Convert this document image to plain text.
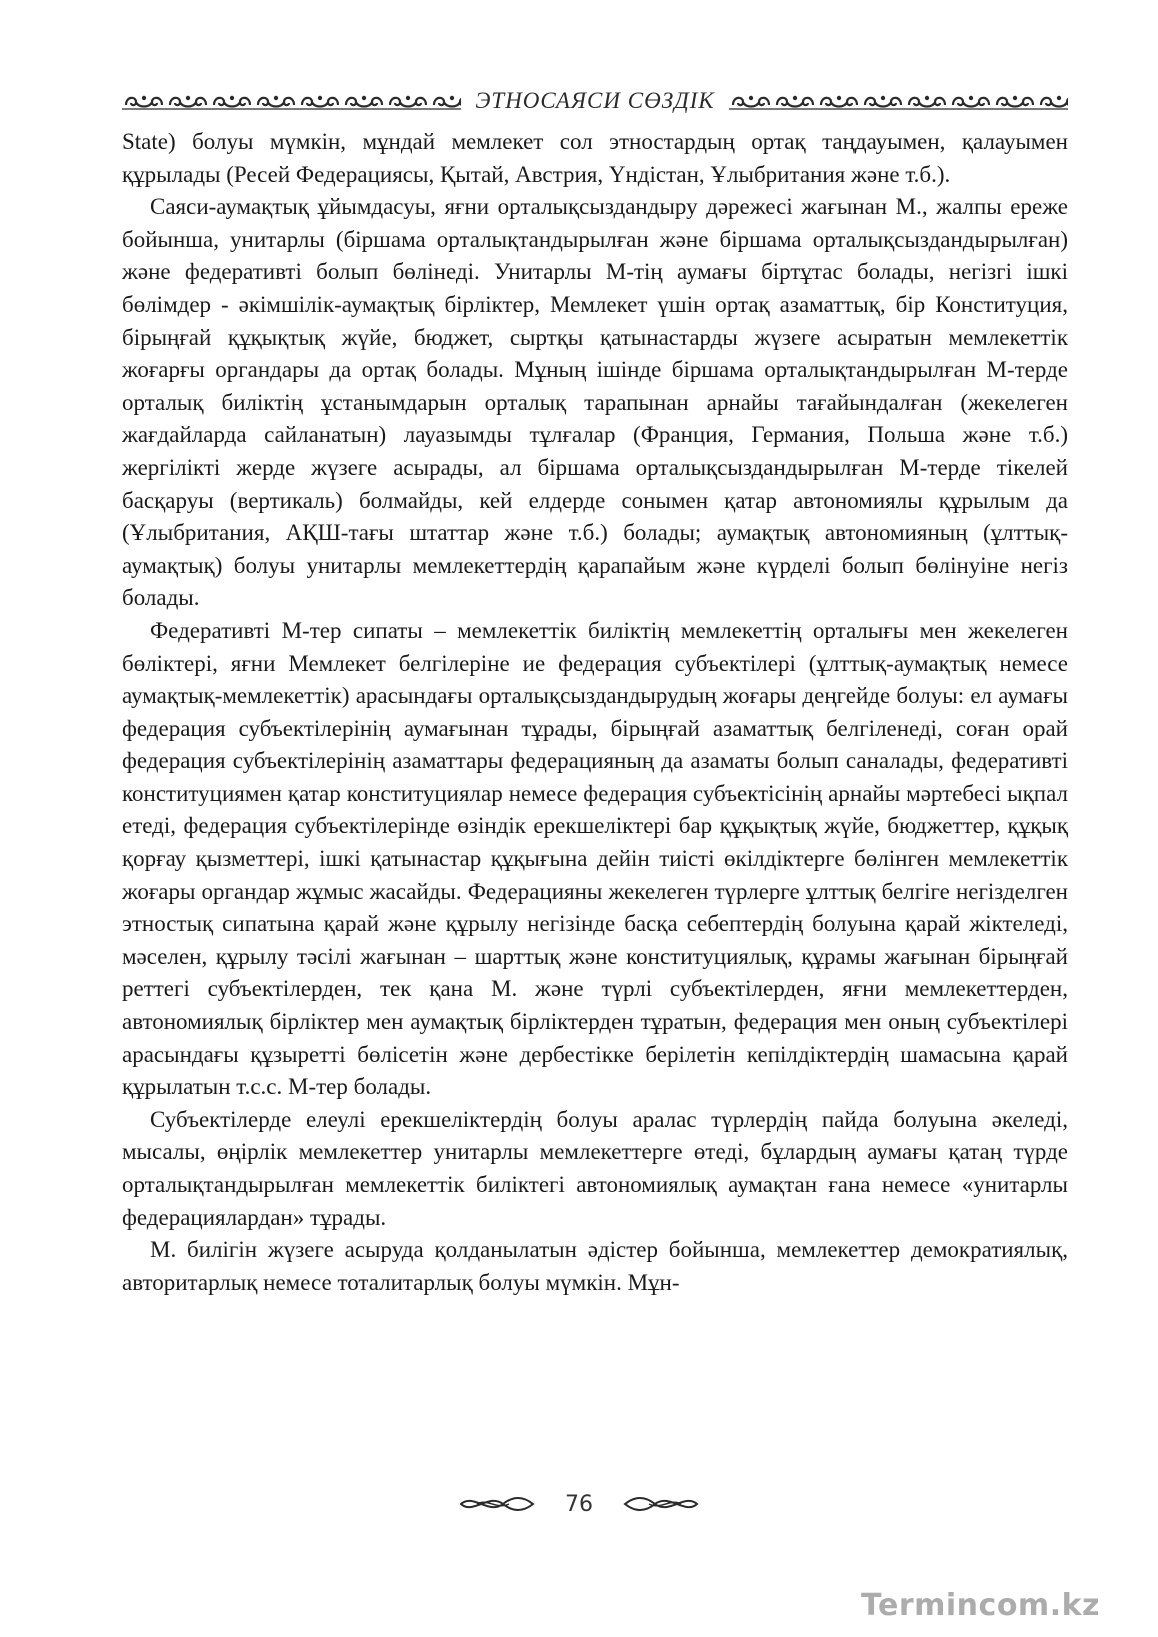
ЭТНОСАЯСИ СӨЗДІК

State) болуы мүмкін, мұндай мемлекет сол этностардың ортақ таңдауымен, қалауымен құрылады (Ресей Федерациясы, Қытай, Австрия, Үндістан, Ұлыбритания және т.б.).

Саяси-аумақтық ұйымдасуы, яғни орталықсыздандыру дәрежесі жағынан М., жалпы ереже бойынша, унитарлы (біршама орталықтандырылған және біршама орталықсыздандырылған) және федеративті болып бөлінеді. Унитарлы М-тің аумағы біртұтас болады, негізгі ішкі бөлімдер - әкімшілік-аумақтық бірліктер, Мемлекет үшін ортақ азаматтық, бір Конституция, бірыңғай құқықтық жүйе, бюджет, сыртқы қатынастарды жүзеге асыратын мемлекеттік жоғарғы органдары да ортақ болады. Мұның ішінде біршама орталықтандырылған М-терде орталық биліктің ұстанымдарын орталық тарапынан арнайы тағайындалған (жекелеген жағдайларда сайланатын) лауазымды тұлғалар (Франция, Германия, Польша және т.б.) жергілікті жерде жүзеге асырады, ал біршама орталықсыздандырылған М-терде тікелей басқаруы (вертикаль) болмайды, кей елдерде сонымен қатар автономиялы құрылым да (Ұлыбритания, АҚШ-тағы штаттар және т.б.) болады; аумақтық автономияның (ұлттық-аумақтық) болуы унитарлы мемлекеттердің қарапайым және күрделі болып бөлінуіне негіз болады.

Федеративті М-тер сипаты – мемлекеттік биліктің мемлекеттің орталығы мен жекелеген бөліктері, яғни Мемлекет белгілеріне ие федерация субъектілері (ұлттық-аумақтық немесе аумақтық-мемлекеттік) арасындағы орталықсыздандырудың жоғары деңгейде болуы: ел аумағы федерация субъектілерінің аумағынан тұрады, бірыңғай азаматтық белгіленеді, соған орай федерация субъектілерінің азаматтары федерацияның да азаматы болып саналады, федеративті конституциямен қатар конституциялар немесе федерация субъектісінің арнайы мәртебесі ықпал етеді, федерация субъектілерінде өзіндік ерекшеліктері бар құқықтық жүйе, бюджеттер, құқық қорғау қызметтері, ішкі қатынастар құқығына дейін тиісті өкілдіктерге бөлінген мемлекеттік жоғары органдар жұмыс жасайды. Федерацияны жекелеген түрлерге ұлттық белгіге негізделген этностық сипатына қарай және құрылу негізінде басқа себептердің болуына қарай жіктеледі, мәселен, құрылу тәсілі жағынан – шарттық және конституциялық, құрамы жағынан бірыңғай реттегі субъектілерден, тек қана М. және түрлі субъектілерден, яғни мемлекеттерден, автономиялық бірліктер мен аумақтық бірліктерден тұратын, федерация мен оның субъектілері арасындағы құзыретті бөлісетін және дербестікке берілетін кепілдіктердің шамасына қарай құрылатын т.с.с. М-тер болады.

Субъектілерде елеулі ерекшеліктердің болуы аралас түрлердің пайда болуына әкеледі, мысалы, өңірлік мемлекеттер унитарлы мемлекеттерге өтеді, бұлардың аумағы қатаң түрде орталықтандырылған мемлекеттік биліктегі автономиялық аумақтан ғана немесе «унитарлы федерациялардан» тұрады.

М. билігін жүзеге асыруда қолданылатын әдістер бойынша, мемлекеттер демократиялық, авторитарлық немесе тоталитарлық болуы мүмкін. Мұн-

76
Termincom.kz
